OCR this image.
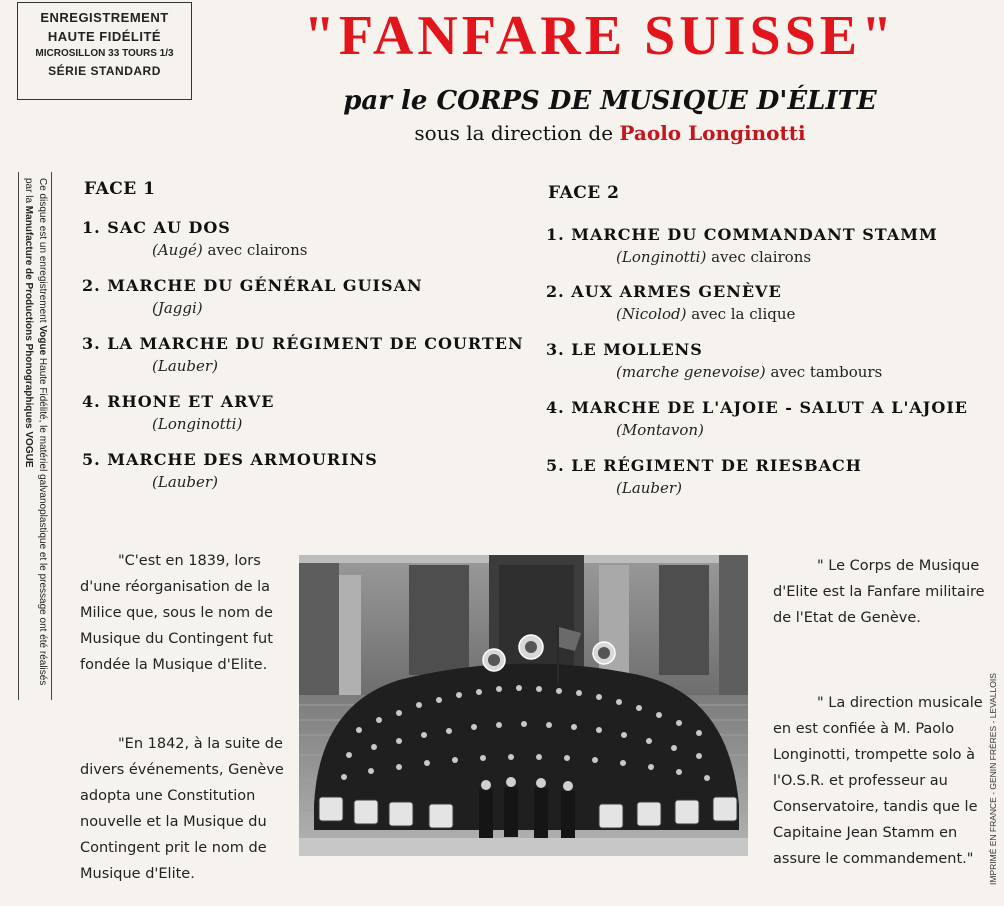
ENREGISTREMENT
HAUTE FIDÉLITÉ
MICROSILLON 33 TOURS 1/3
SÉRIE STANDARD
"FANFARE SUISSE"
par le CORPS DE MUSIQUE D'ÉLITE
sous la direction de Paolo Longinotti
Ce disque est un enregistrement Vogue Haute Fidélité, le matériel galvanoplastique et le pressage ont été réalisés par la Manufacture de Productions Phonographiques VOGUE
IMPRIMÉ EN FRANCE - GENIN FRÈRES - LEVALLOIS
FACE 1
1. SAC AU DOS
(Augé) avec clairons
2. MARCHE DU GÉNÉRAL GUISAN
(Jaggi)
3. LA MARCHE DU RÉGIMENT DE COURTEN
(Lauber)
4. RHONE ET ARVE
(Longinotti)
5. MARCHE DES ARMOURINS
(Lauber)
FACE 2
1. MARCHE DU COMMANDANT STAMM
(Longinotti) avec clairons
2. AUX ARMES GENÈVE
(Nicolod) avec la clique
3. LE MOLLENS
(marche genevoise) avec tambours
4. MARCHE DE L'AJOIE - SALUT A L'AJOIE
(Montavon)
5. LE RÉGIMENT DE RIESBACH
(Lauber)
"C'est en 1839, lors
d'une réorganisation de la
Milice que, sous le nom de
Musique du Contingent fut
fondée la Musique d'Elite.
"En 1842, à la suite de
divers événements, Genève
adopta une Constitution
nouvelle et la Musique du
Contingent prit le nom de
Musique d'Elite.
" Le Corps de Musique
d'Elite est la Fanfare militaire
de l'Etat de Genève.
" La direction musicale
en est confiée à M. Paolo
Longinotti, trompette solo à
l'O.S.R. et professeur au
Conservatoire, tandis que le
Capitaine Jean Stamm en
assure le commandement."
